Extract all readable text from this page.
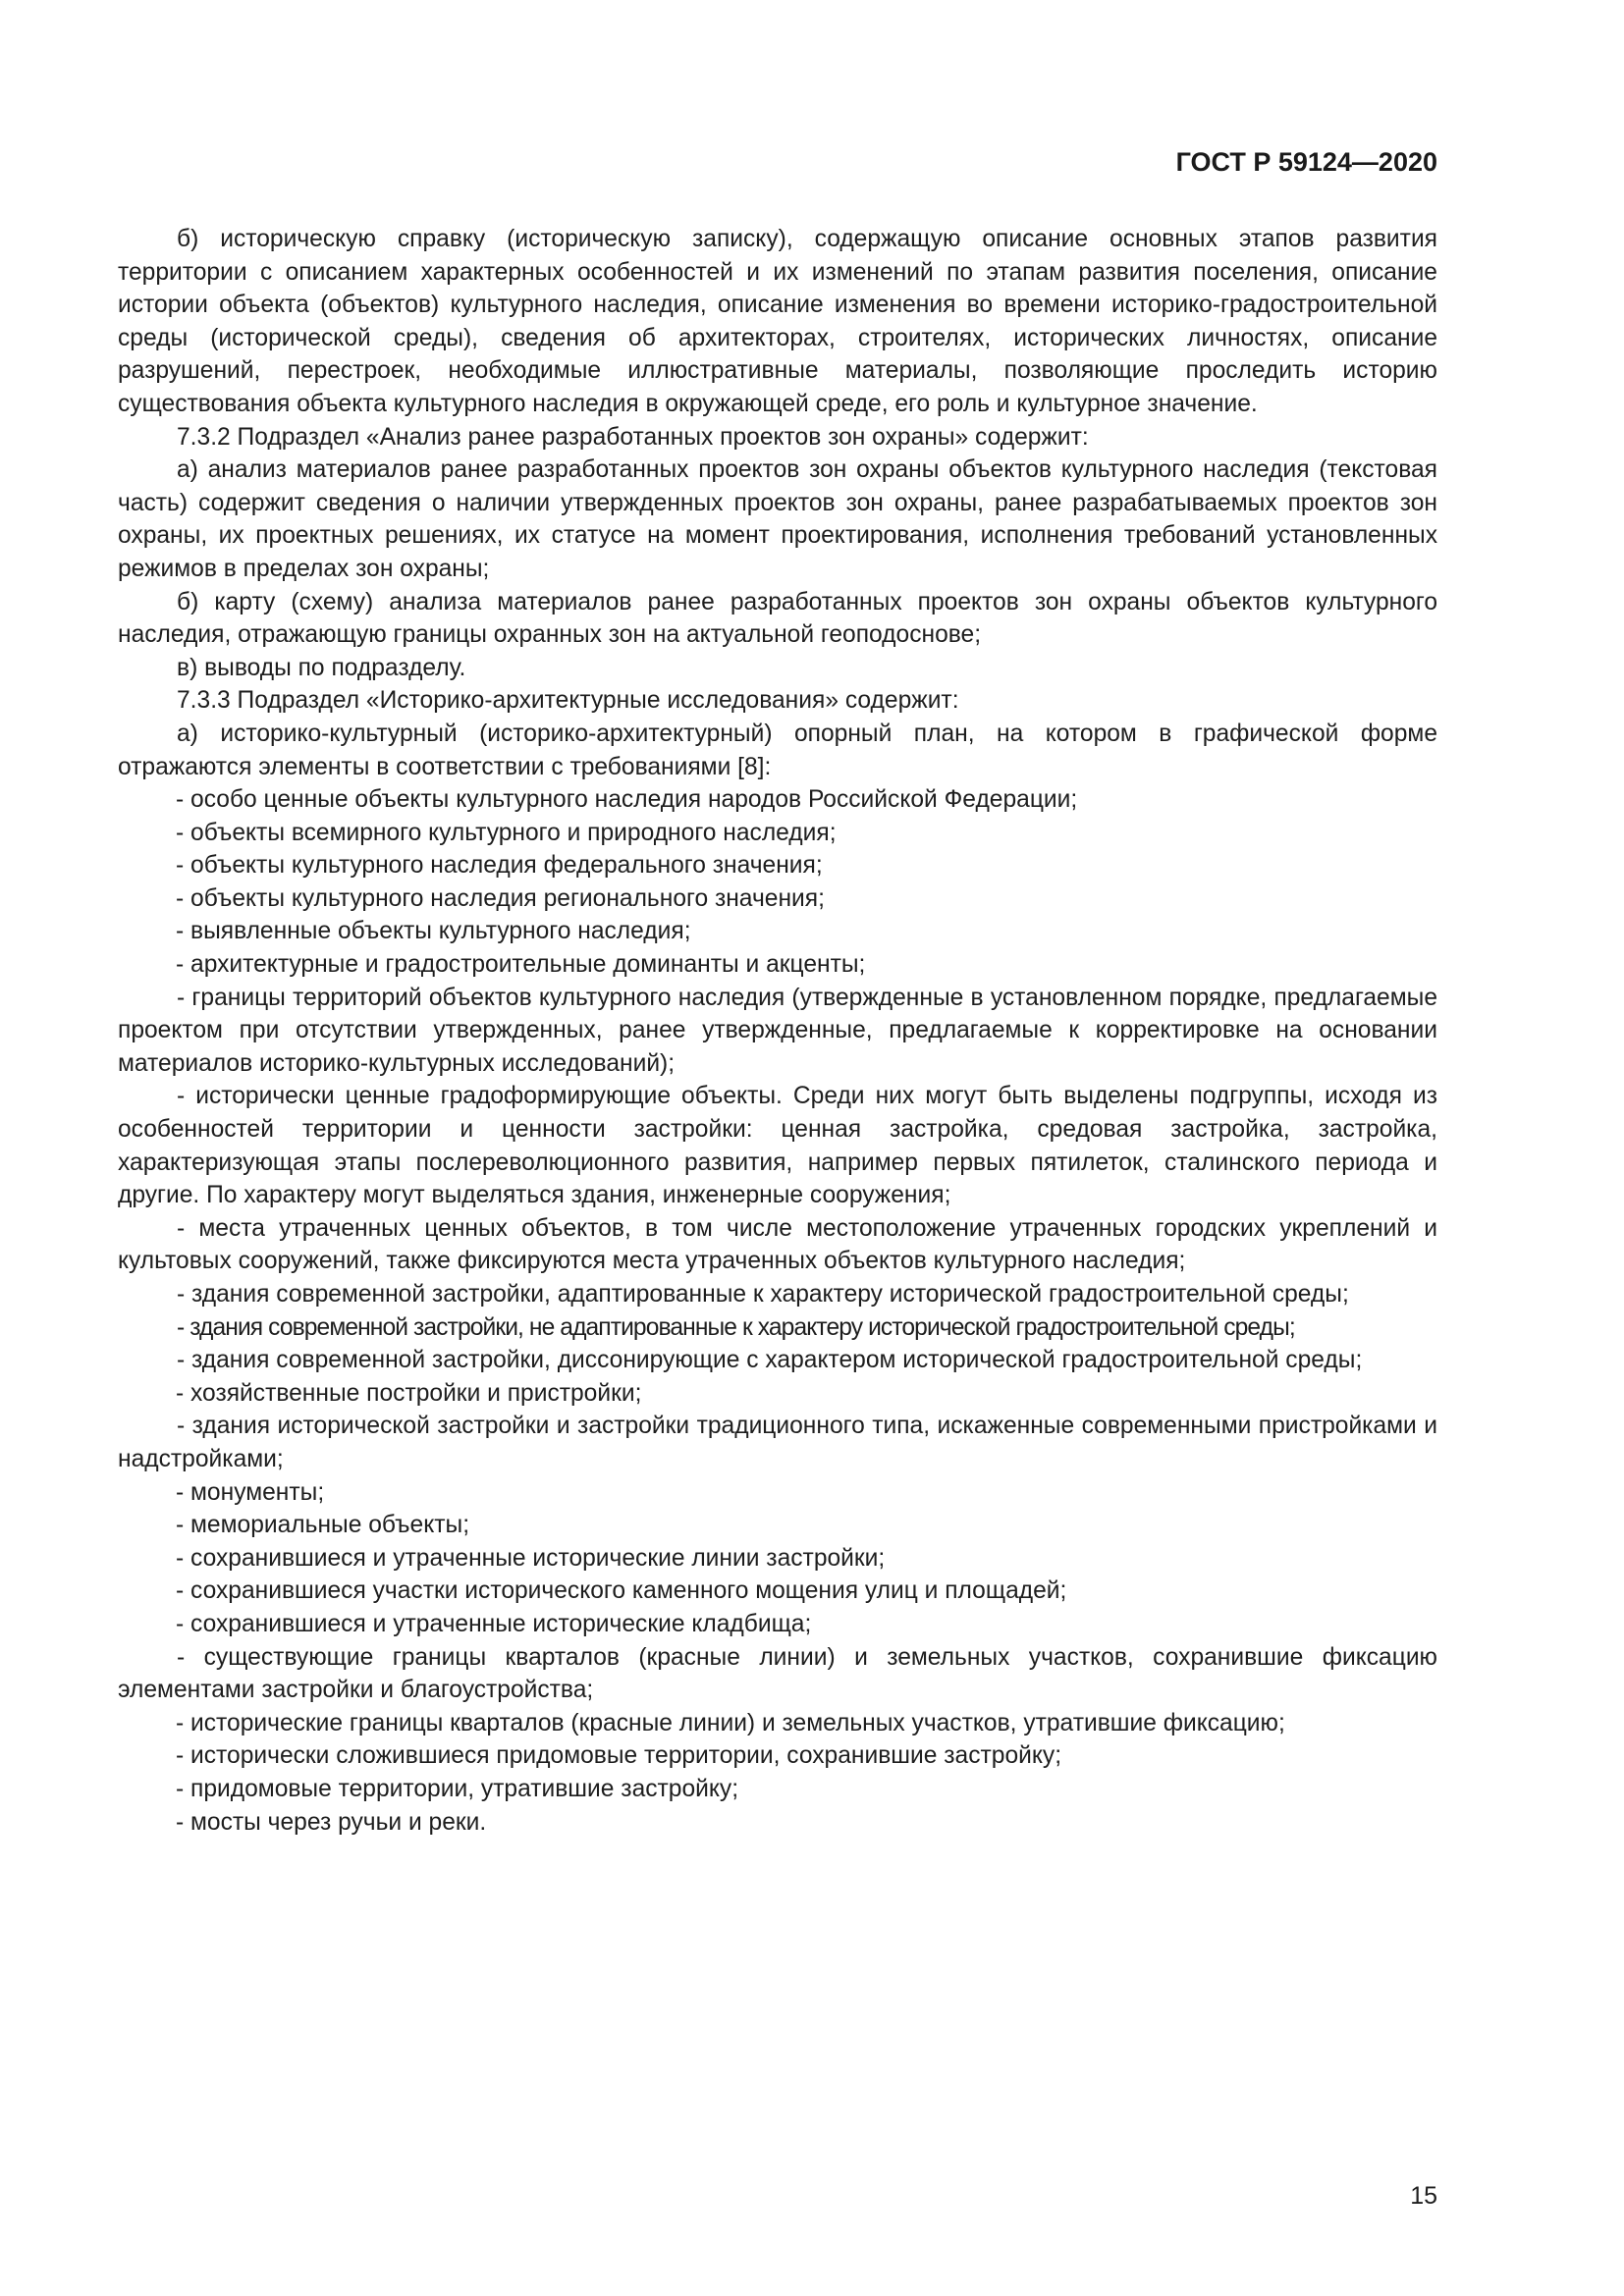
ГОСТ Р 59124—2020

б) историческую справку (историческую записку), содержащую описание основных этапов развития территории с описанием характерных особенностей и их изменений по этапам развития поселения, описание истории объекта (объектов) культурного наследия, описание изменения во времени историко-градостроительной среды (исторической среды), сведения об архитекторах, строителях, исторических личностях, описание разрушений, перестроек, необходимые иллюстративные материалы, позволяющие проследить историю существования объекта культурного наследия в окружающей среде, его роль и культурное значение.

7.3.2 Подраздел «Анализ ранее разработанных проектов зон охраны» содержит:

а) анализ материалов ранее разработанных проектов зон охраны объектов культурного наследия (текстовая часть) содержит сведения о наличии утвержденных проектов зон охраны, ранее разрабатываемых проектов зон охраны, их проектных решениях, их статусе на момент проектирования, исполнения требований установленных режимов в пределах зон охраны;

б) карту (схему) анализа материалов ранее разработанных проектов зон охраны объектов культурного наследия, отражающую границы охранных зон на актуальной геоподоснове;

в) выводы по подразделу.

7.3.3 Подраздел «Историко-архитектурные исследования» содержит:

а) историко-культурный (историко-архитектурный) опорный план, на котором в графической форме отражаются элементы в соответствии с требованиями [8]:

- особо ценные объекты культурного наследия народов Российской Федерации;

- объекты всемирного культурного и природного наследия;

- объекты культурного наследия федерального значения;

- объекты культурного наследия регионального значения;

- выявленные объекты культурного наследия;

- архитектурные и градостроительные доминанты и акценты;

- границы территорий объектов культурного наследия (утвержденные в установленном порядке, предлагаемые проектом при отсутствии утвержденных, ранее утвержденные, предлагаемые к корректировке на основании материалов историко-культурных исследований);

- исторически ценные градоформирующие объекты. Среди них могут быть выделены подгруппы, исходя из особенностей территории и ценности застройки: ценная застройка, средовая застройка, застройка, характеризующая этапы послереволюционного развития, например первых пятилеток, сталинского периода и другие. По характеру могут выделяться здания, инженерные сооружения;

- места утраченных ценных объектов, в том числе местоположение утраченных городских укреплений и культовых сооружений, также фиксируются места утраченных объектов культурного наследия;

- здания современной застройки, адаптированные к характеру исторической градостроительной среды;

- здания современной застройки, не адаптированные к характеру исторической градостроительной среды;

- здания современной застройки, диссонирующие с характером исторической градостроительной среды;

- хозяйственные постройки и пристройки;

- здания исторической застройки и застройки традиционного типа, искаженные современными пристройками и надстройками;

- монументы;

- мемориальные объекты;

- сохранившиеся и утраченные исторические линии застройки;

- сохранившиеся участки исторического каменного мощения улиц и площадей;

- сохранившиеся и утраченные исторические кладбища;

- существующие границы кварталов (красные линии) и земельных участков, сохранившие фиксацию элементами застройки и благоустройства;

- исторические границы кварталов (красные линии) и земельных участков, утратившие фиксацию;

- исторически сложившиеся придомовые территории, сохранившие застройку;

- придомовые территории, утратившие застройку;

- мосты через ручьи и реки.

15
